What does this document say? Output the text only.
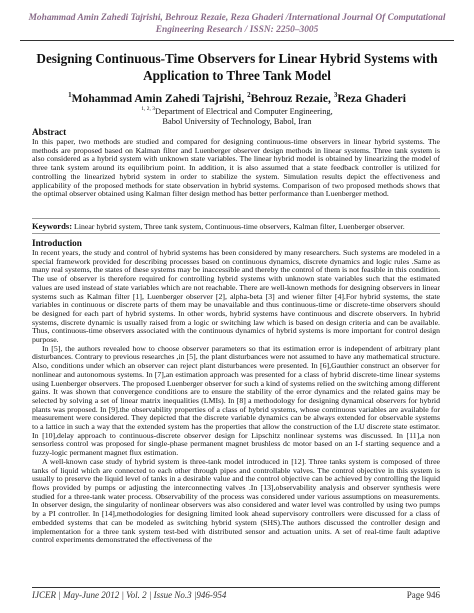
Mohammad Amin Zahedi Tajrishi, Behrouz Rezaie, Reza Ghaderi /International Journal Of Computational
Engineering Research / ISSN: 2250–3005
Designing Continuous-Time Observers for Linear Hybrid Systems with
Application to Three Tank Model
$^1$Mohammad Amin Zahedi Tajrishi, $^2$Behrouz Rezaie, $^3$Reza Ghaderi
$^{1, 2, 3}$Department of Electrical and Computer Engineering,
Babol University of Technology, Babol, Iran
Abstract

In this paper, two methods are studied and compared for designing continuous-time observers in linear hybrid systems. The methods are proposed based on Kalman filter and Luenberger observer design methods in linear systems. Three tank system is also considered as a hybrid system with unknown state variables. The linear hybrid model is obtained by linearizing the model of three tank system around its equilibrium point. In addition, it is also assumed that a state feedback controller is utilized for controlling the linearized hybrid system in order to stabilize the system. Simulation results depict the effectiveness and applicability of the proposed methods for state observation in hybrid systems. Comparison of two proposed methods shows that the optimal observer obtained using Kalman filter design method has better performance than Luenberger method.

Keywords: Linear hybrid system, Three tank system, Continuous-time observers, Kalman filter, Luenberger observer.

Introduction

In recent years, the study and control of hybrid systems has been considered by many researchers. Such systems are modeled in a special framework provided for describing processes based on continuous dynamics, discrete dynamics and logic rules .Same as many real systems, the states of these systems may be inaccessible and thereby the control of them is not feasible in this condition. The use of observer is therefore required for controlling hybrid systems with unknown state variables such that the estimated values are used instead of state variables which are not reachable. There are well-known methods for designing observers in linear systems such as Kalman filter [1], Luenberger observer [2], alpha-beta [3] and wiener filter [4].For hybrid systems, the state variables in continuous or discrete parts of them may be unavailable and thus continuous-time or discrete-time observers should be designed for each part of hybrid systems. In other words, hybrid systems have continuous and discrete observers. In hybrid systems, discrete dynamic is usually raised from a logic or switching law which is based on design criteria and can be available. Thus, continuous-time observers associated with the continuous dynamics of hybrid systems is more important for control design purpose.

In [5], the authors revealed how to choose observer parameters so that its estimation error is independent of arbitrary plant disturbances. Contrary to previous researches ,in [5], the plant disturbances were not assumed to have any mathematical structure. Also, conditions under which an observer can reject plant disturbances were presented. In [6],Gauthier construct an observer for nonlinear and autonomous systems. In [7],an estimation approach was presented for a class of hybrid discrete-time linear systems using Luenberger observers. The proposed Luenberger observer for such a kind of systems relied on the switching among different gains. It was shown that convergence conditions are to ensure the stability of the error dynamics and the related gains may be selected by solving a set of linear matrix inequalities (LMIs). In [8] a methodology for designing dynamical observers for hybrid plants was proposed. In [9].the observability properties of a class of hybrid systems, whose continuous variables are available for measurement were considered. They depicted that the discrete variable dynamics can be always extended for observable systems to a lattice in such a way that the extended system has the properties that allow the construction of the LU discrete state estimator. In [10],delay approach to continuous-discrete observer design for Lipschitz nonlinear systems was discussed. In [11],a non sensorless control was proposed for single-phase permanent magnet brushless dc motor based on an I-f starting sequence and a fuzzy-logic permanent magnet flux estimation.

A well-known case study of hybrid system is three-tank model introduced in [12]. Three tanks system is composed of three tanks of liquid which are connected to each other through pipes and controllable valves. The control objective in this system is usually to preserve the liquid level of tanks in a desirable value and the control objective can be achieved by controlling the liquid flows provided by pumps or adjusting the interconnecting valves .In [13],observability analysis and observer synthesis were studied for a three-tank water process. Observability of the process was considered under various assumptions on measurements. In observer design, the singularity of nonlinear observers was also considered and water level was controlled by using two pumps by a PI controller. In [14],methodologies for designing limited look ahead supervisory controllers were discussed for a class of embedded systems that can be modeled as switching hybrid system (SHS).The authors discussed the controller design and implementation for a three tank system test-bed with distributed sensor and actuation units. A set of real-time fault adaptive control experiments demonstrated the effectiveness of the

IJCER | May-June 2012 | Vol. 2 | Issue No.3 |946-954	Page 946
